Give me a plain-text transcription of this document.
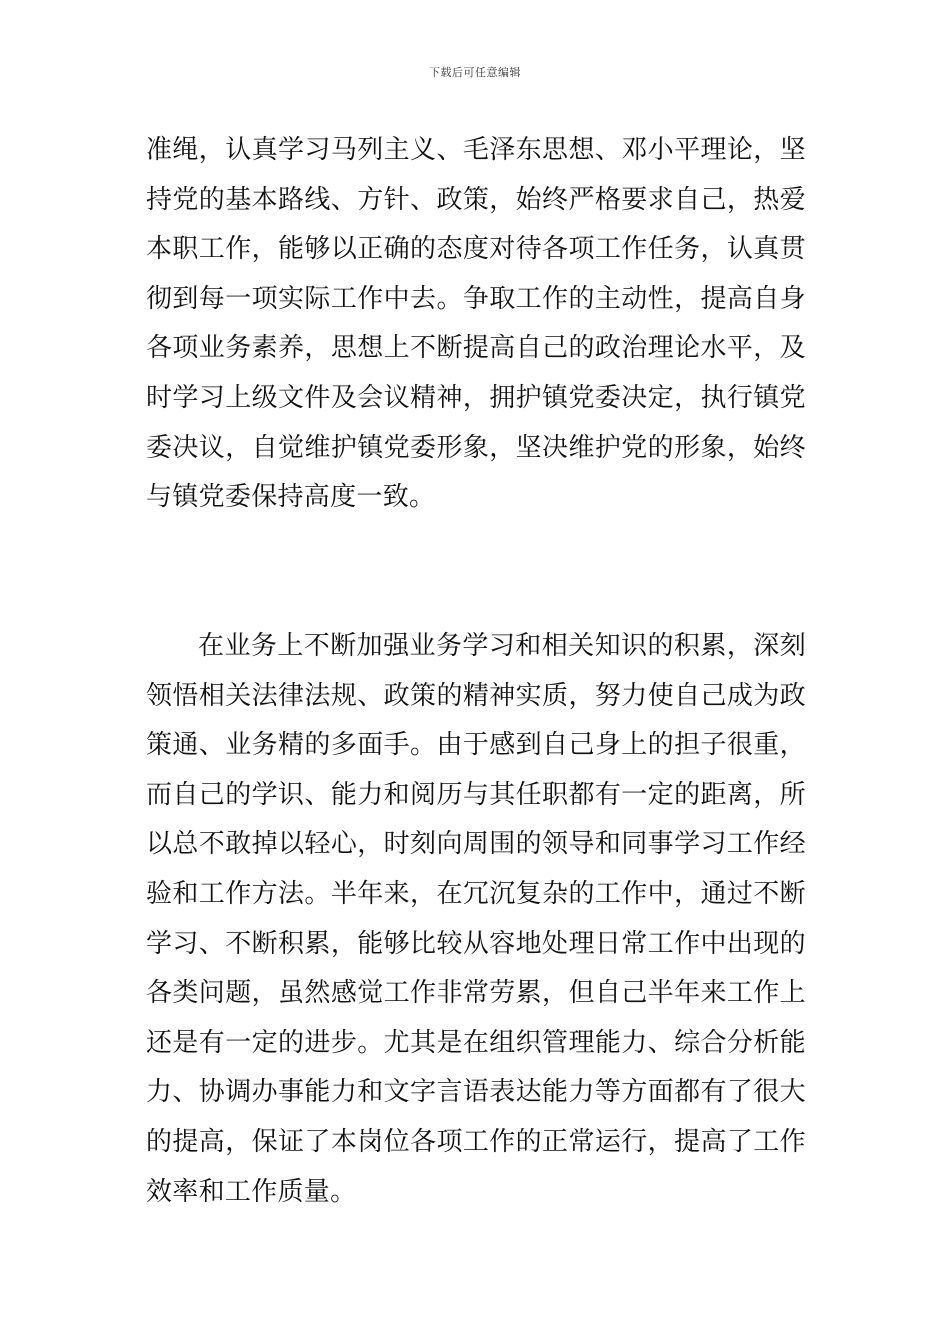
下载后可任意编辑

准绳，认真学习马列主义、毛泽东思想、邓小平理论，坚持党的基本路线、方针、政策，始终严格要求自己，热爱本职工作，能够以正确的态度对待各项工作任务，认真贯彻到每一项实际工作中去。争取工作的主动性，提高自身各项业务素养，思想上不断提高自己的政治理论水平，及时学习上级文件及会议精神，拥护镇党委决定，执行镇党委决议，自觉维护镇党委形象，坚决维护党的形象，始终与镇党委保持高度一致。

在业务上不断加强业务学习和相关知识的积累，深刻领悟相关法律法规、政策的精神实质，努力使自己成为政策通、业务精的多面手。由于感到自己身上的担子很重，而自己的学识、能力和阅历与其任职都有一定的距离，所以总不敢掉以轻心，时刻向周围的领导和同事学习工作经验和工作方法。半年来，在冗沉复杂的工作中，通过不断学习、不断积累，能够比较从容地处理日常工作中出现的各类问题，虽然感觉工作非常劳累，但自己半年来工作上还是有一定的进步。尤其是在组织管理能力、综合分析能力、协调办事能力和文字言语表达能力等方面都有了很大的提高，保证了本岗位各项工作的正常运行，提高了工作效率和工作质量。
